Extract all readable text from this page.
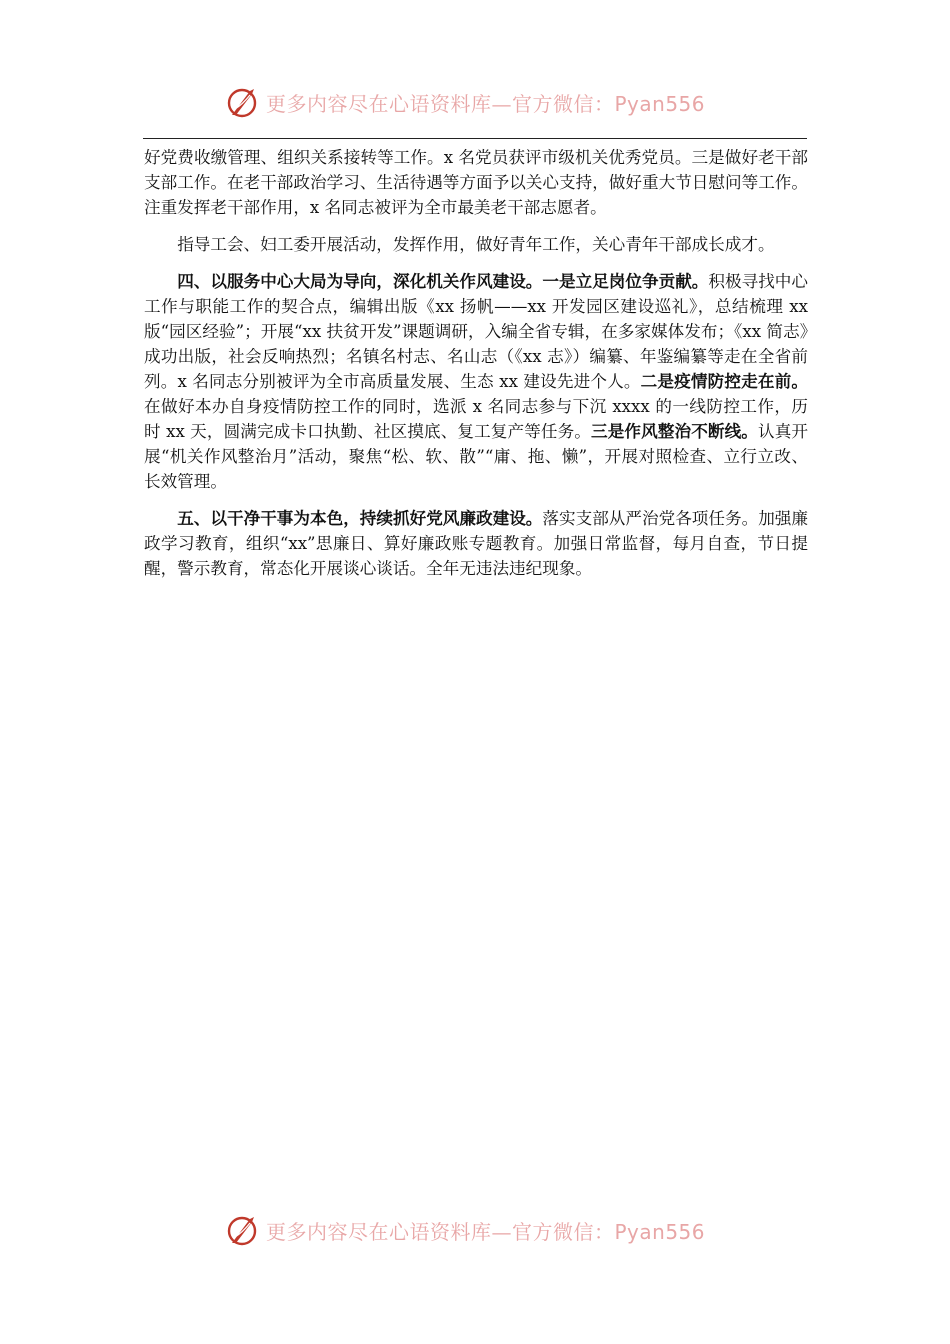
更多内容尽在心语资料库—官方微信：Pyan556

好党费收缴管理、组织关系接转等工作。x 名党员获评市级机关优秀党员。三是做好老干部支部工作。在老干部政治学习、生活待遇等方面予以关心支持，做好重大节日慰问等工作。注重发挥老干部作用，x 名同志被评为全市最美老干部志愿者。

指导工会、妇工委开展活动，发挥作用，做好青年工作，关心青年干部成长成才。

四、以服务中心大局为导向，深化机关作风建设。一是立足岗位争贡献。积极寻找中心工作与职能工作的契合点，编辑出版《xx 扬帆——xx 开发园区建设巡礼》，总结梳理 xx 版“园区经验”；开展“xx 扶贫开发”课题调研，入编全省专辑，在多家媒体发布；《xx 简志》成功出版，社会反响热烈；名镇名村志、名山志（《xx 志》）编纂、年鉴编纂等走在全省前列。x 名同志分别被评为全市高质量发展、生态 xx 建设先进个人。二是疫情防控走在前。在做好本办自身疫情防控工作的同时，选派 x 名同志参与下沉 xxxx 的一线防控工作，历时 xx 天，圆满完成卡口执勤、社区摸底、复工复产等任务。三是作风整治不断线。认真开展“机关作风整治月”活动，聚焦“松、软、散”“庸、拖、懒”，开展对照检查、立行立改、长效管理。

五、以干净干事为本色，持续抓好党风廉政建设。落实支部从严治党各项任务。加强廉政学习教育，组织“xx”思廉日、算好廉政账专题教育。加强日常监督，每月自查，节日提醒，警示教育，常态化开展谈心谈话。全年无违法违纪现象。

更多内容尽在心语资料库—官方微信：Pyan556
